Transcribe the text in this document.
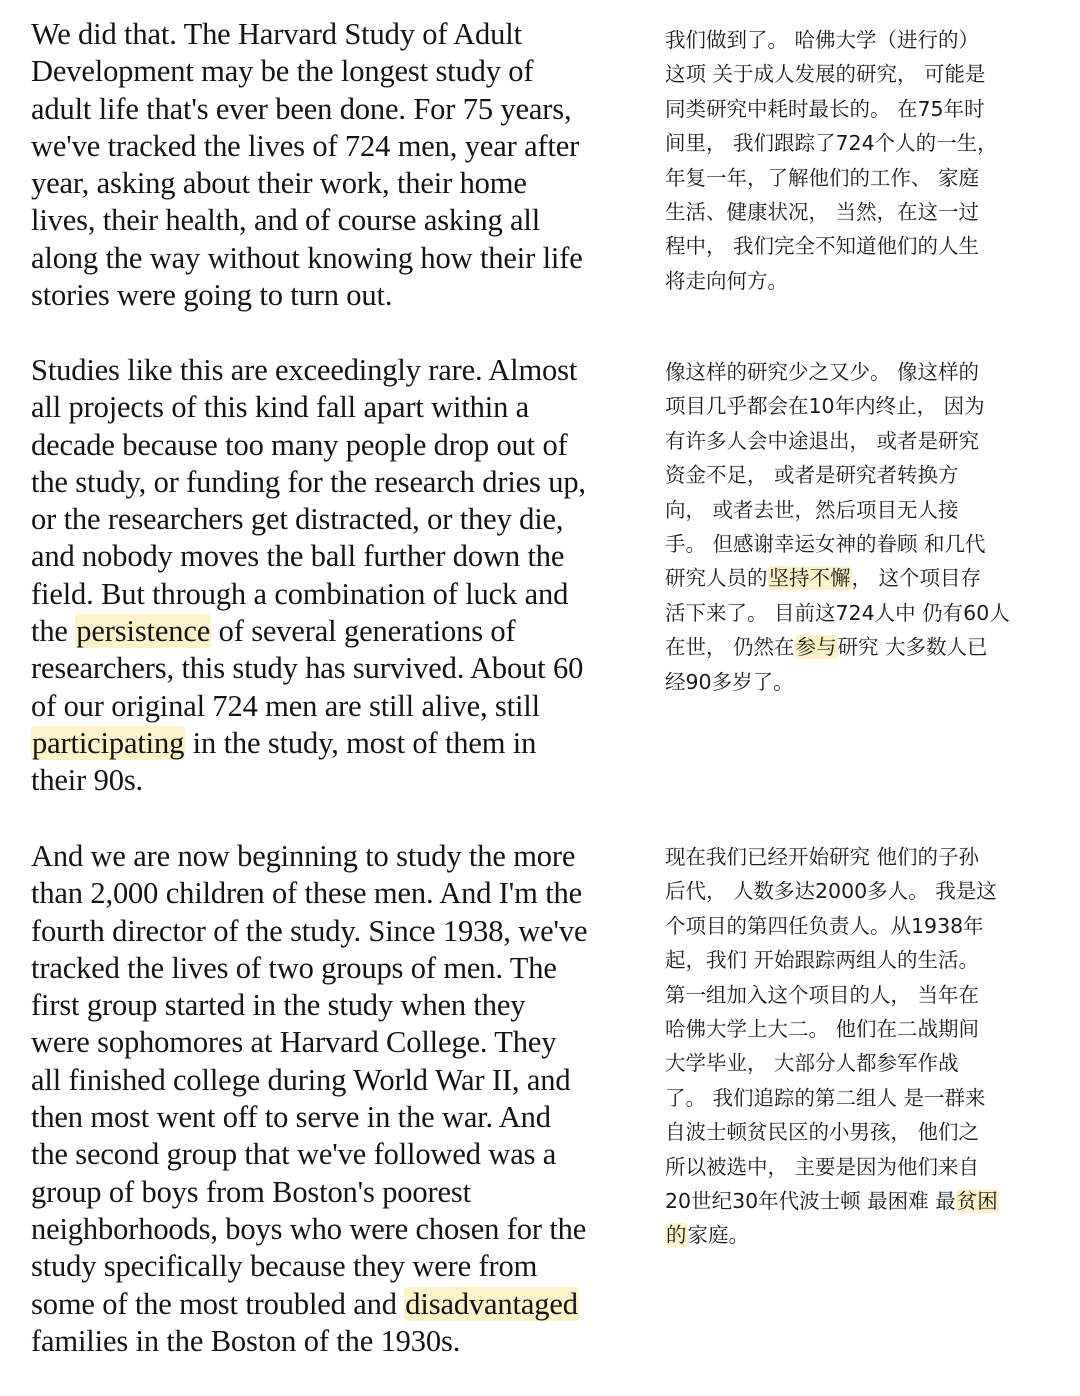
We did that. The Harvard Study of Adult
Development may be the longest study of
adult life that's ever been done. For 75 years,
we've tracked the lives of 724 men, year after
year, asking about their work, their home
lives, their health, and of course asking all
along the way without knowing how their life
stories were going to turn out.
我们做到了。 哈佛大学（进行的）
这项 关于成人发展的研究， 可能是
同类研究中耗时最长的。 在75年时
间里， 我们跟踪了724个人的一生，
年复一年，了解他们的工作、 家庭
生活、健康状况， 当然，在这一过
程中， 我们完全不知道他们的人生
将走向何方。
Studies like this are exceedingly rare. Almost
all projects of this kind fall apart within a
decade because too many people drop out of
the study, or funding for the research dries up,
or the researchers get distracted, or they die,
and nobody moves the ball further down the
field. But through a combination of luck and
the persistence of several generations of
researchers, this study has survived. About 60
of our original 724 men are still alive, still
participating in the study, most of them in
their 90s.
像这样的研究少之又少。 像这样的
项目几乎都会在10年内终止， 因为
有许多人会中途退出， 或者是研究
资金不足， 或者是研究者转换方
向， 或者去世，然后项目无人接
手。 但感谢幸运女神的眷顾 和几代
研究人员的坚持不懈， 这个项目存
活下来了。 目前这724人中 仍有60人
在世， 仍然在参与研究 大多数人已
经90多岁了。
And we are now beginning to study the more
than 2,000 children of these men. And I'm the
fourth director of the study. Since 1938, we've
tracked the lives of two groups of men. The
first group started in the study when they
were sophomores at Harvard College. They
all finished college during World War II, and
then most went off to serve in the war. And
the second group that we've followed was a
group of boys from Boston's poorest
neighborhoods, boys who were chosen for the
study specifically because they were from
some of the most troubled and disadvantaged
families in the Boston of the 1930s.
现在我们已经开始研究 他们的子孙
后代， 人数多达2000多人。 我是这
个项目的第四任负责人。从1938年
起，我们 开始跟踪两组人的生活。
第一组加入这个项目的人， 当年在
哈佛大学上大二。 他们在二战期间
大学毕业， 大部分人都参军作战
了。 我们追踪的第二组人 是一群来
自波士顿贫民区的小男孩， 他们之
所以被选中， 主要是因为他们来自
20世纪30年代波士顿 最困难 最贫困
的家庭。
